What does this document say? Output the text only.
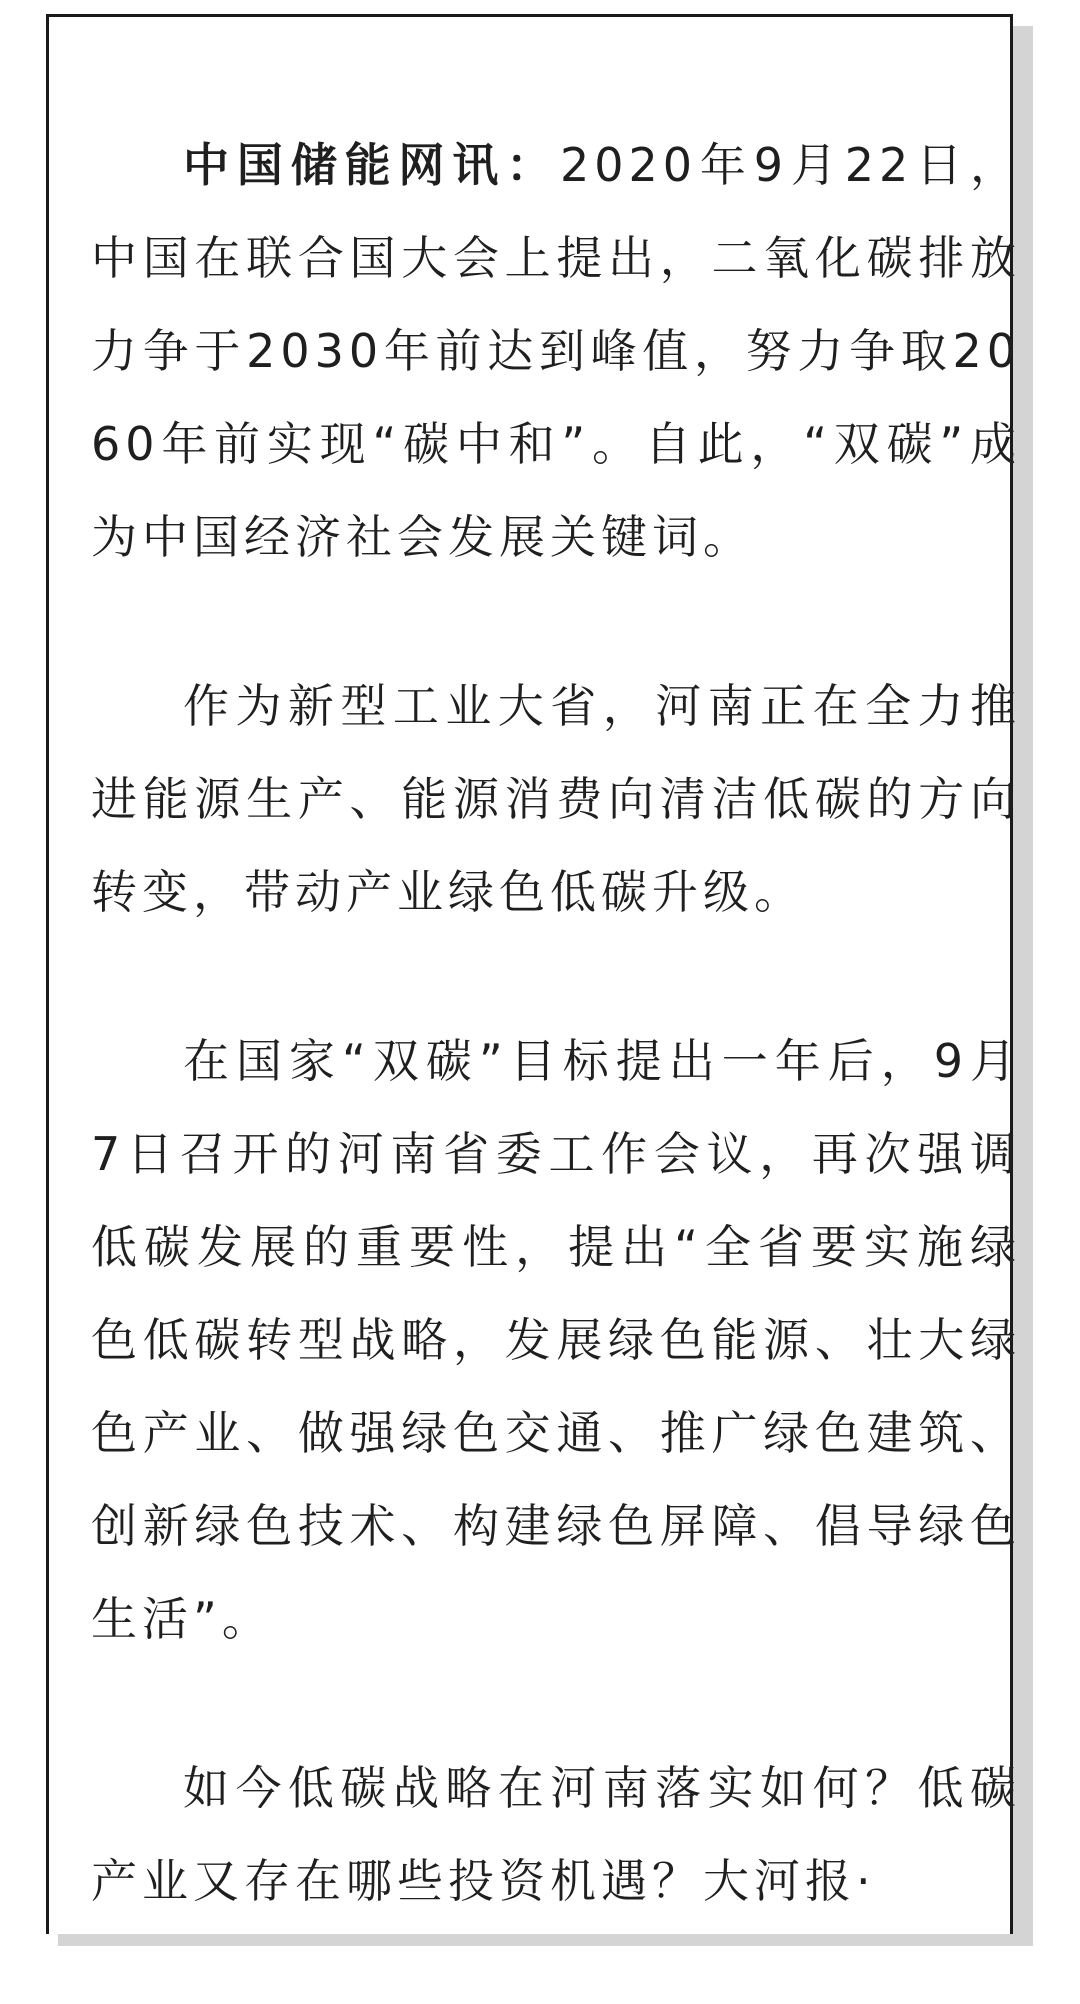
中国储能网讯：2020年9月22日，中国在联合国大会上提出，二氧化碳排放力争于2030年前达到峰值，努力争取2060年前实现“碳中和”。自此，“双碳”成为中国经济社会发展关键词。

作为新型工业大省，河南正在全力推进能源生产、能源消费向清洁低碳的方向转变，带动产业绿色低碳升级。

在国家“双碳”目标提出一年后，9月7日召开的河南省委工作会议，再次强调低碳发展的重要性，提出“全省要实施绿色低碳转型战略，发展绿色能源、壮大绿色产业、做强绿色交通、推广绿色建筑、创新绿色技术、构建绿色屏障、倡导绿色生活”。

如今低碳战略在河南落实如何？低碳产业又存在哪些投资机遇？大河报·
